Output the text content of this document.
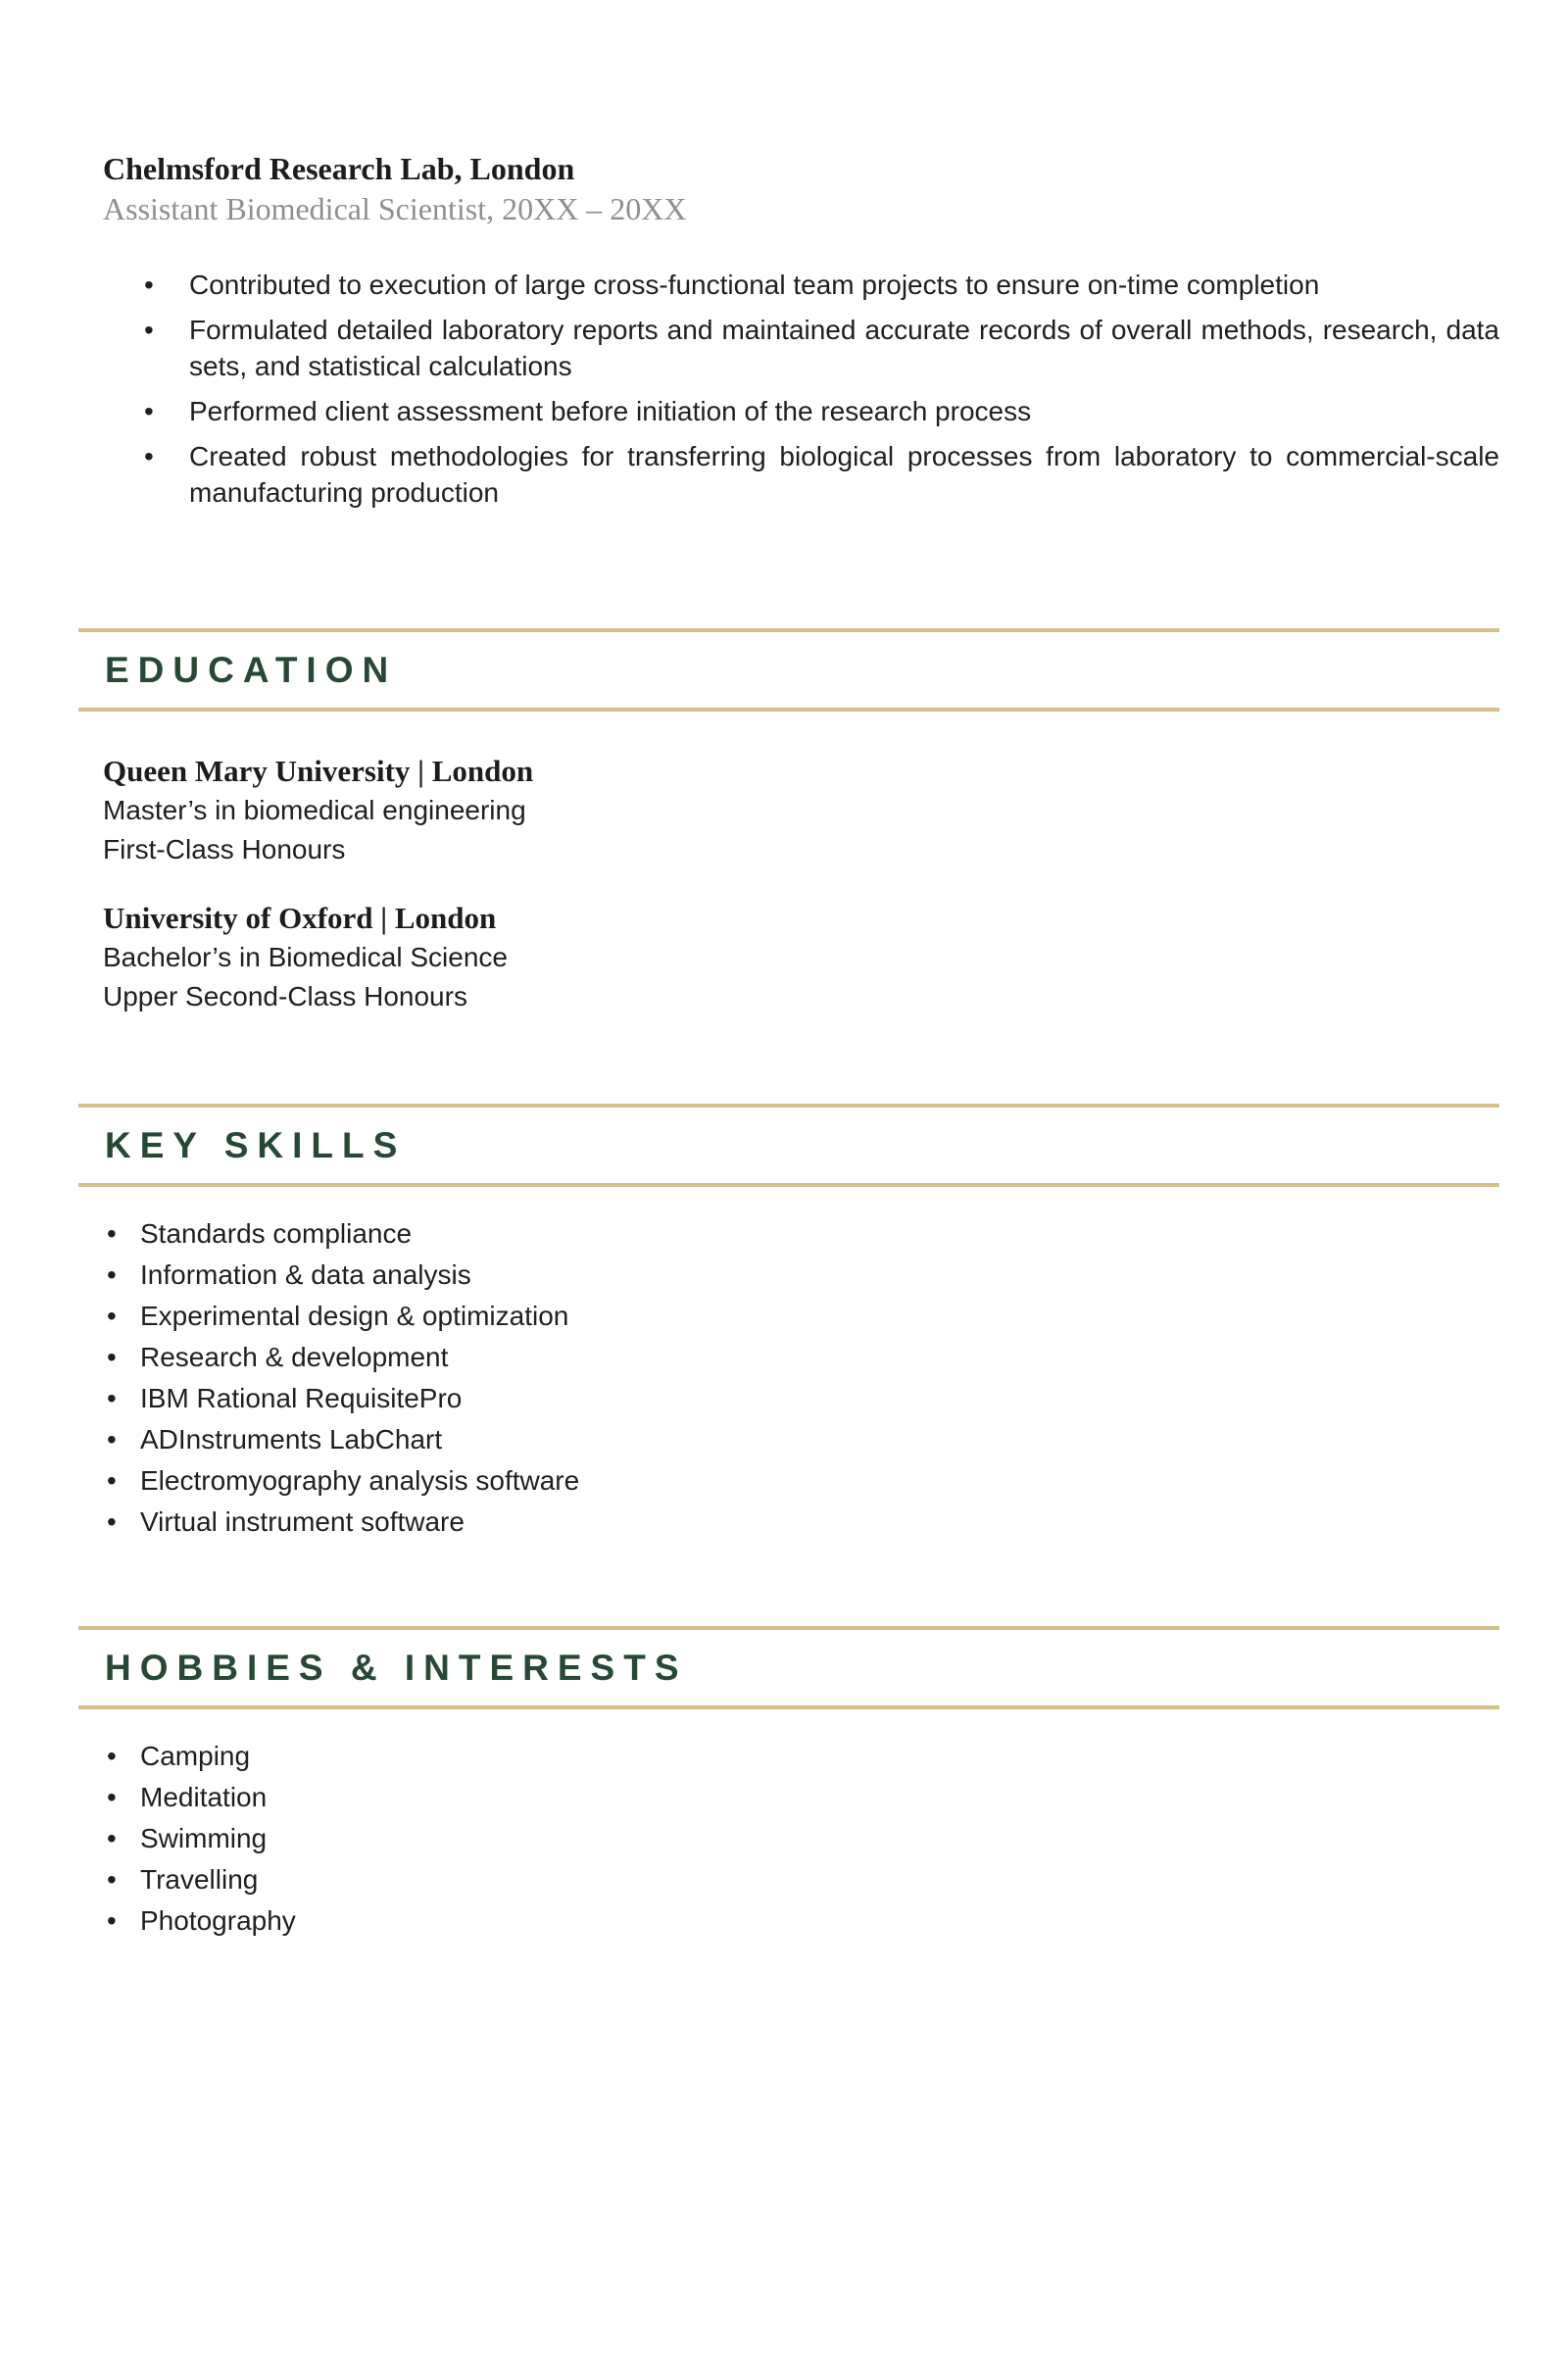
Chelmsford Research Lab, London

Assistant Biomedical Scientist, 20XX – 20XX

• Contributed to execution of large cross-functional team projects to ensure on-time completion
• Formulated detailed laboratory reports and maintained accurate records of overall methods, research, data sets, and statistical calculations
• Performed client assessment before initiation of the research process
• Created robust methodologies for transferring biological processes from laboratory to commercial-scale manufacturing production
EDUCATION

Queen Mary University | London

Master’s in biomedical engineering

First-Class Honours

University of Oxford | London

Bachelor’s in Biomedical Science

Upper Second-Class Honours

KEY SKILLS
• Standards compliance
• Information & data analysis
• Experimental design & optimization
• Research & development
• IBM Rational RequisitePro
• ADInstruments LabChart
• Electromyography analysis software
• Virtual instrument software
HOBBIES & INTERESTS
• Camping
• Meditation
• Swimming
• Travelling
• Photography
